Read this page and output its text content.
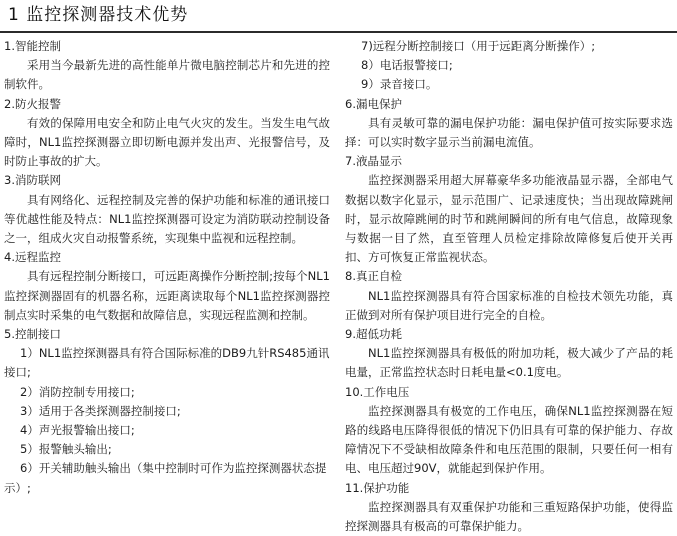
1 监控探测器技术优势
1.智能控制
采用当今最新先进的高性能单片微电脑控制芯片和先进的控制软件。
2.防火报警
有效的保障用电安全和防止电气火灾的发生。当发生电气故障时，NL1监控探测器立即切断电源并发出声、光报警信号，及时防止事故的扩大。
3.消防联网
具有网络化、远程控制及完善的保护功能和标准的通讯接口等优越性能及特点：NL1监控探测器可设定为消防联动控制设备之一，组成火灾自动报警系统，实现集中监视和远程控制。
4.远程监控
具有远程控制分断接口，可远距离操作分断控制;按每个NL1监控探测器固有的机器名称，远距离读取每个NL1监控探测器控制点实时采集的电气数据和故障信息，实现远程监测和控制。
5.控制接口
1）NL1监控探测器具有符合国际标准的DB9九针RS485通讯接口;
2）消防控制专用接口;
3）适用于各类探测器控制接口;
4）声光报警输出接口;
5）报警触头输出;
6）开关辅助触头输出（集中控制时可作为监控探测器状态提示）;
7)远程分断控制接口（用于远距离分断操作）;
8）电话报警接口;
9）录音接口。
6.漏电保护
具有灵敏可靠的漏电保护功能：漏电保护值可按实际要求选择：可以实时数字显示当前漏电流值。
7.液晶显示
监控探测器采用超大屏幕豪华多功能液晶显示器，全部电气数据以数字化显示，显示范围广、记录速度快；当出现故障跳闸时，显示故障跳闸的时节和跳闸瞬间的所有电气信息，故障现象与数据一目了然，直至管理人员检定排除故障修复后使开关再扣、方可恢复正常监视状态。
8.真正自检
NL1监控探测器具有符合国家标准的自检技术领先功能，真正做到对所有保护项目进行完全的自检。
9.超低功耗
NL1监控探测器具有极低的附加功耗，极大减少了产品的耗电量，正常监控状态时日耗电量<0.1度电。
10.工作电压
监控探测器具有极宽的工作电压，确保NL1监控探测器在短路的线路电压降得很低的情况下仍旧具有可靠的保护能力、存故障情况下不受缺相故障条件和电压范围的限制，只要任何一相有电、电压超过90V，就能起到保护作用。
11.保护功能
监控探测器具有双重保护功能和三重短路保护功能，使得监控探测器具有极高的可靠保护能力。
